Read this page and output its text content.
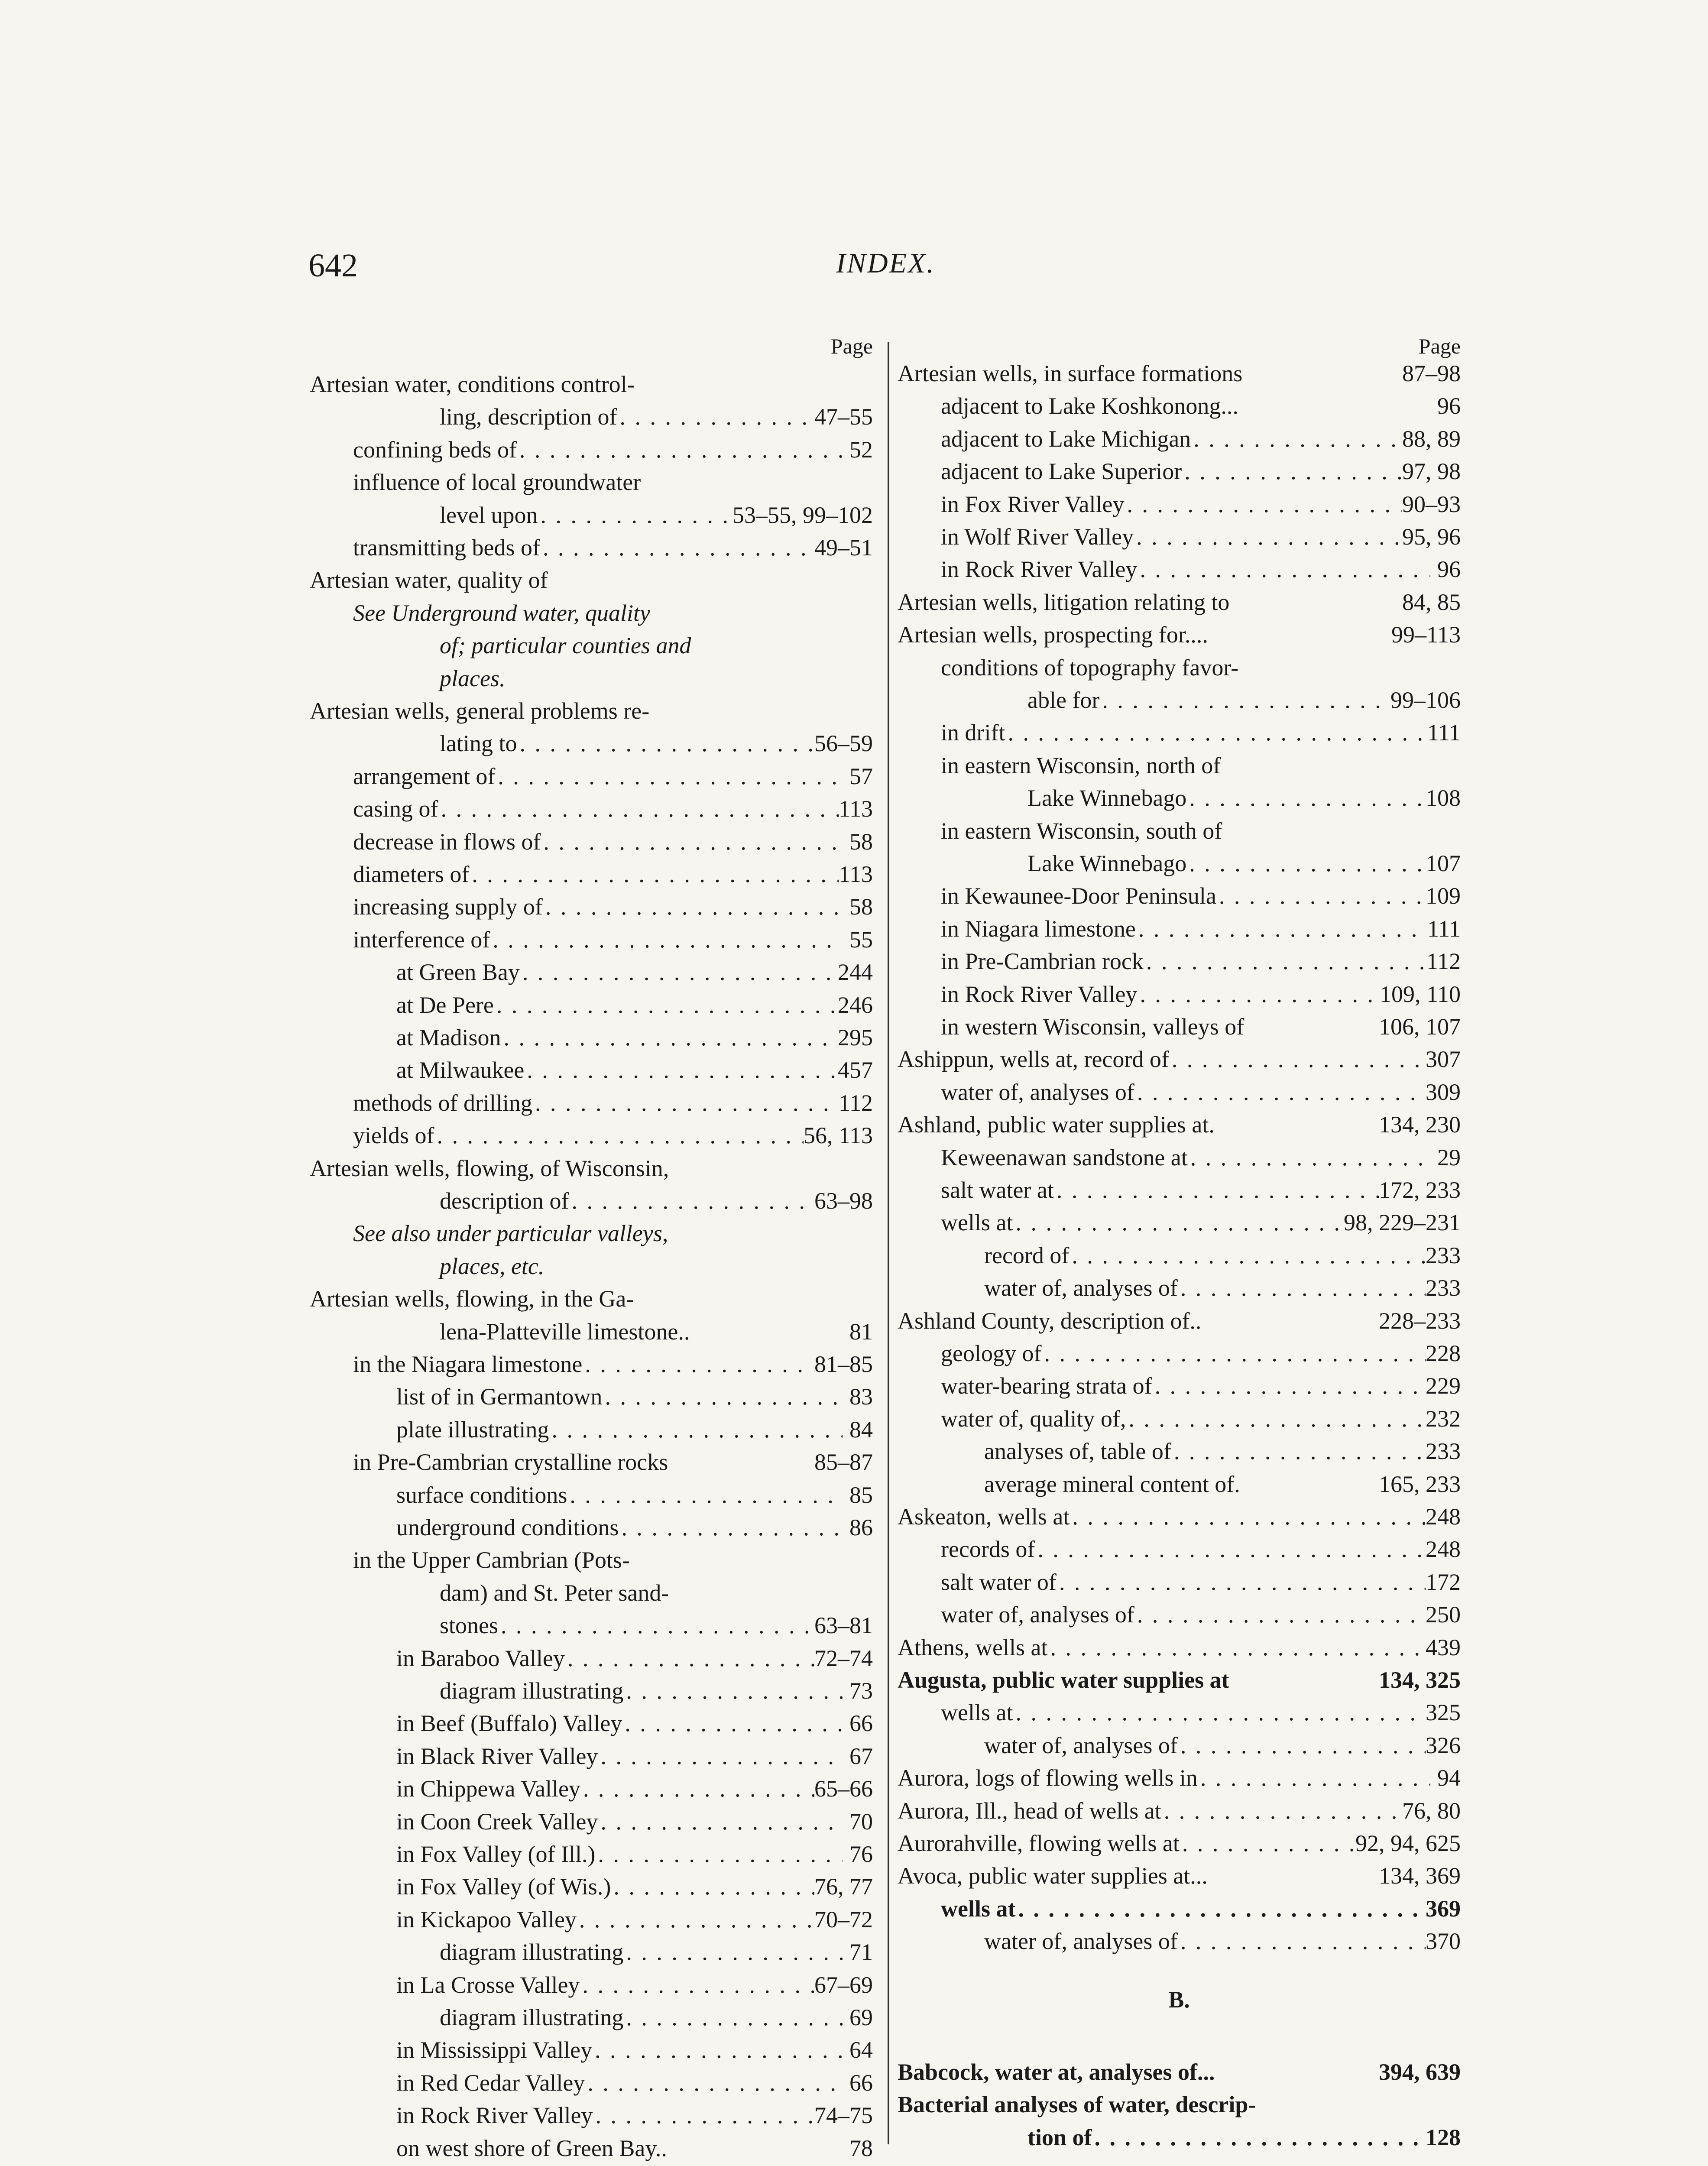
642	INDEX.
Page
Artesian water, conditions control-
ling, description of . . .	47–55
confining beds of . . .	52
influence of local groundwater
level upon . . .	53–55, 99–102
transmitting beds of . . .	49–51
Artesian water, quality of
See Underground water, quality
of; particular counties and
places.
Artesian wells, general problems re-
lating to . . .	56–59
arrangement of . . .	57
casing of . . .	113
decrease in flows of . . .	58
diameters of . . .	113
increasing supply of . . .	58
interference of . . .	55
at Green Bay . . .	244
at De Pere . . .	246
at Madison . . .	295
at Milwaukee . . .	457
methods of drilling . . .	112
yields of . . .	56, 113
Artesian wells, flowing, of Wisconsin,
description of . . .	63–98
See also under particular valleys,
places, etc.
Artesian wells, flowing, in the Ga-
lena-Platteville limestone..	81
in the Niagara limestone . . .	81–85
list of in Germantown . . .	83
plate illustrating . . .	84
in Pre-Cambrian crystalline rocks	85–87
surface conditions . . .	85
underground conditions . . .	86
in the Upper Cambrian (Pots-
dam) and St. Peter sand-
stones . . .	63–81
in Baraboo Valley . . .	72–74
diagram illustrating . . .	73
in Beef (Buffalo) Valley . . .	66
in Black River Valley . . .	67
in Chippewa Valley . . .	65–66
in Coon Creek Valley . . .	70
in Fox Valley (of Ill.) . . .	76
in Fox Valley (of Wis.) . . .	76, 77
in Kickapoo Valley . . .	70–72
diagram illustrating . . .	71
in La Crosse Valley . . .	67–69
diagram illustrating . . .	69
in Mississippi Valley . . .	64
in Red Cedar Valley . . .	66
in Rock River Valley . . .	74–75
on west shore of Green Bay..	78
Page
B.
Artesian wells, in surface formations	87–98
adjacent to Lake Koshkonong...	96
adjacent to Lake Michigan . . .	88, 89
adjacent to Lake Superior . . .	97, 98
in Fox River Valley . . .	90–93
in Wolf River Valley . . .	95, 96
in Rock River Valley . . .	96
Artesian wells, litigation relating to	84, 85
Artesian wells, prospecting for....	99–113
conditions of topography favor-
able for . . .	99–106
in drift . . .	111
in eastern Wisconsin, north of
Lake Winnebago . . .	108
in eastern Wisconsin, south of
Lake Winnebago . . .	107
in Kewaunee-Door Peninsula . . .	109
in Niagara limestone . . .	111
in Pre-Cambrian rock . . .	112
in Rock River Valley . . .	109, 110
in western Wisconsin, valleys of	106, 107
Ashippun, wells at, record of . . .	307
water of, analyses of . . .	309
Ashland, public water supplies at.	134, 230
Keweenawan sandstone at . . .	29
salt water at . . .	172, 233
wells at . . .	98, 229–231
record of . . .	233
water of, analyses of . . .	233
Ashland County, description of..	228–233
geology of . . .	228
water-bearing strata of . . .	229
water of, quality of, . . .	232
analyses of, table of . . .	233
average mineral content of.	165, 233
Askeaton, wells at . . .	248
records of . . .	248
salt water of . . .	172
water of, analyses of . . .	250
Athens, wells at . . .	439
Augusta, public water supplies at	134, 325
wells at . . .	325
water of, analyses of . . .	326
Aurora, logs of flowing wells in . . .	94
Aurora, Ill., head of wells at . . .	76, 80
Aurorahville, flowing wells at . . .	92, 94, 625
Avoca, public water supplies at...	134, 369
wells at . . .	369
water of, analyses of . . .	370
Babcock, water at, analyses of...	394, 639
Bacterial analyses of water, descrip-
tion of . . .	128
